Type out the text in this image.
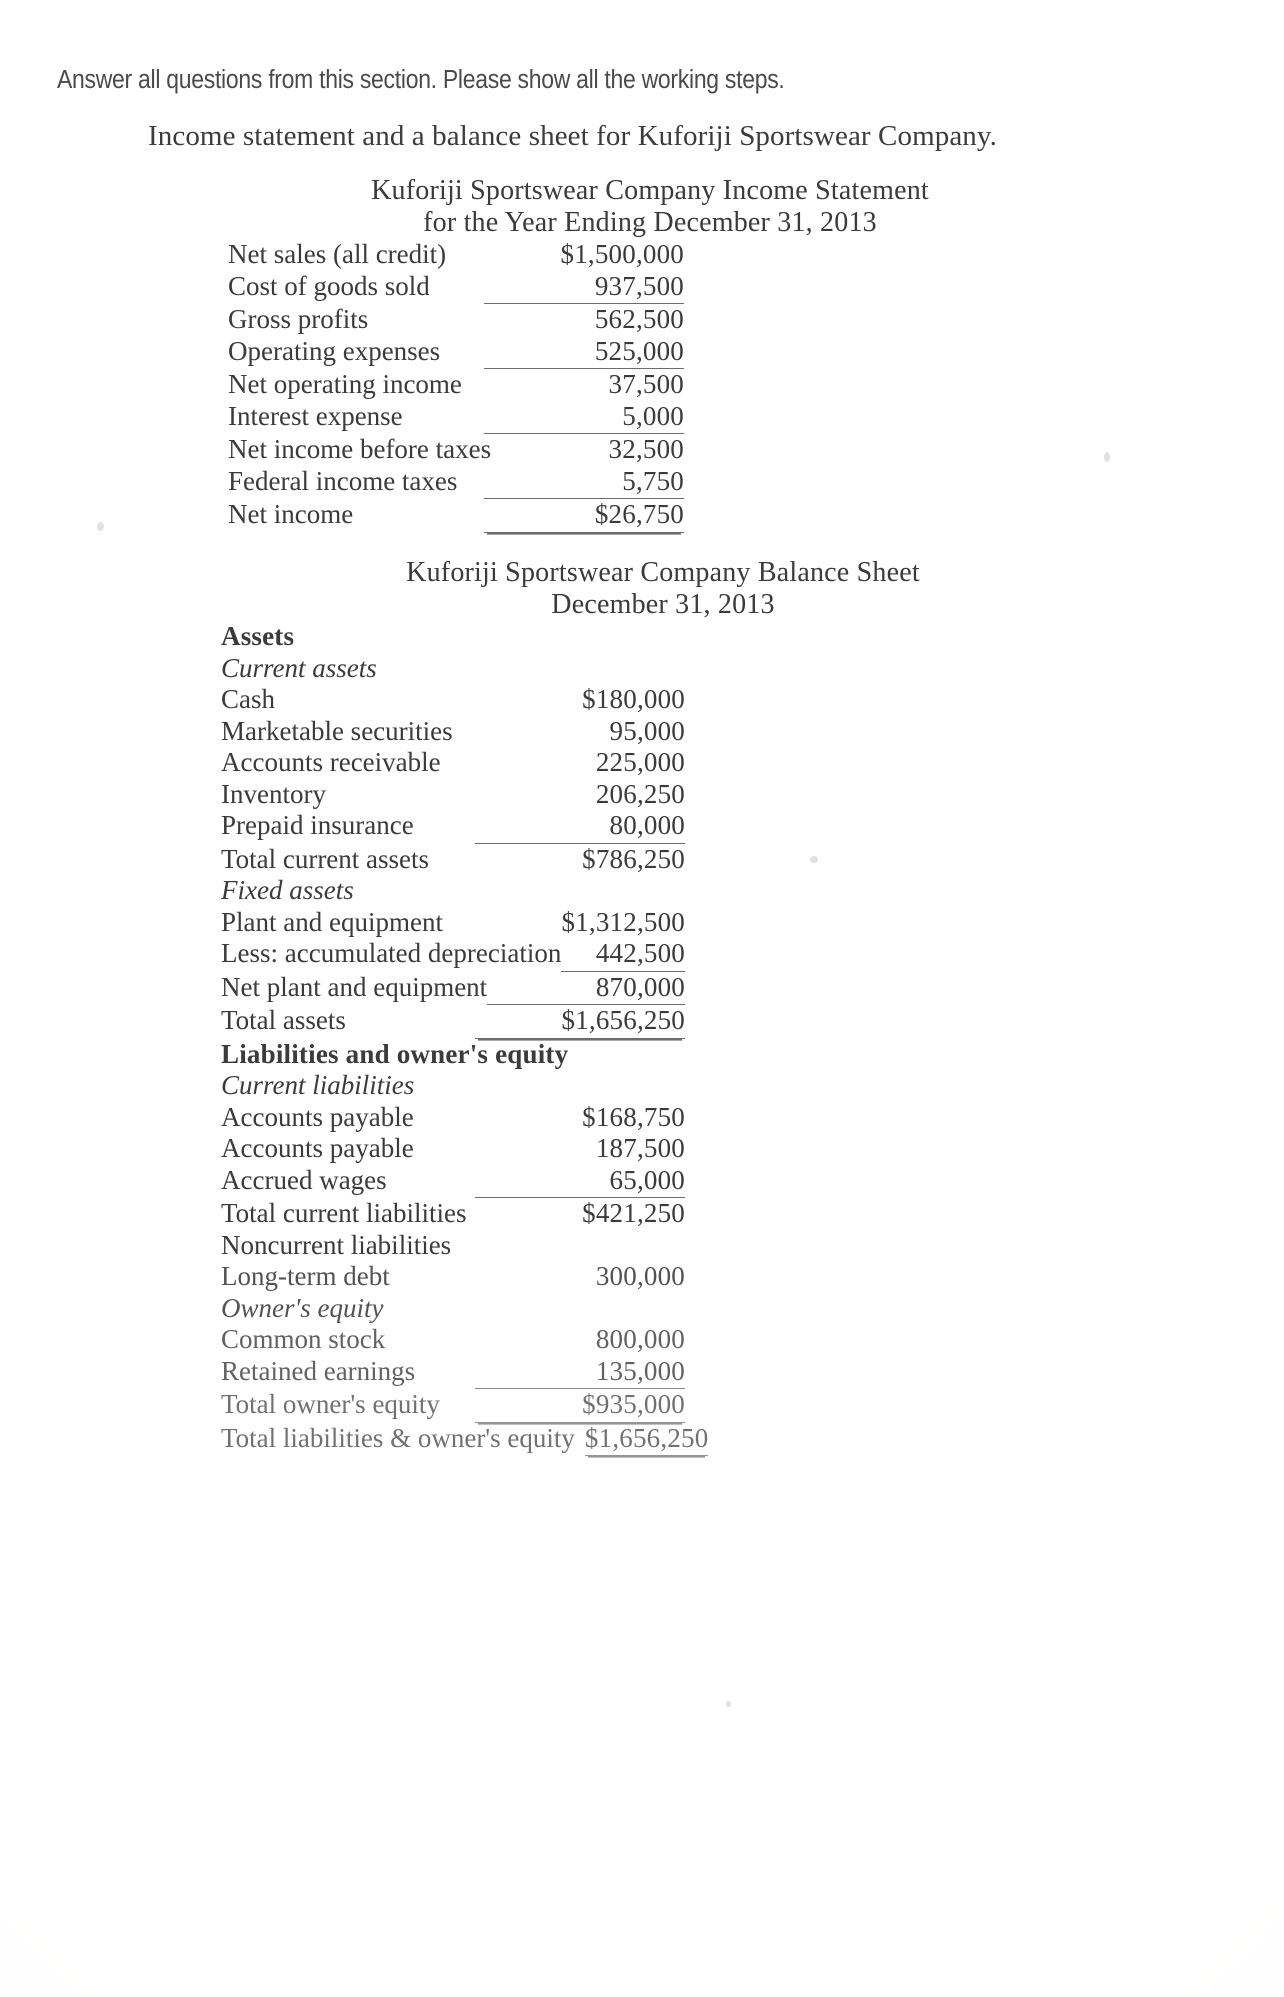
Answer all questions from this section. Please show all the working steps.
Income statement and a balance sheet for Kuforiji Sportswear Company.
Kuforiji Sportswear Company Income Statement
for the Year Ending December 31, 2013
Net sales (all credit)	$1,500,000
Cost of goods sold	937,500
Gross profits	562,500
Operating expenses	525,000
Net operating income	37,500
Interest expense	5,000
Net income before taxes	32,500
Federal income taxes	5,750
Net income	$26,750
Kuforiji Sportswear Company Balance Sheet
December 31, 2013
Assets
Current assets
Cash	$180,000
Marketable securities	95,000
Accounts receivable	225,000
Inventory	206,250
Prepaid insurance	80,000
Total current assets	$786,250
Fixed assets
Plant and equipment	$1,312,500
Less: accumulated depreciation	442,500
Net plant and equipment	870,000
Total assets	$1,656,250
Liabilities and owner's equity
Current liabilities
Accounts payable	$168,750
Accounts payable	187,500
Accrued wages	65,000
Total current liabilities	$421,250
Noncurrent liabilities
Long-term debt	300,000
Owner's equity
Common stock	800,000
Retained earnings	135,000
Total owner's equity	$935,000
Total liabilities & owner's equity $1,656,250
